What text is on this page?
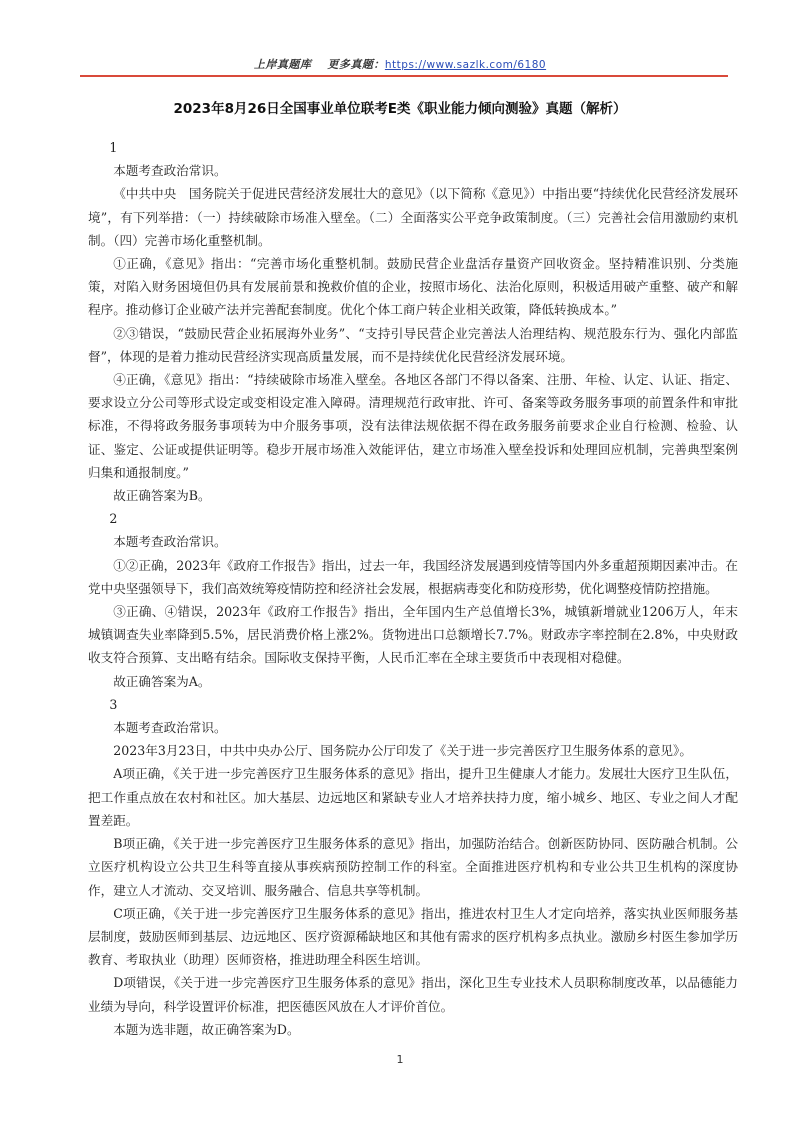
上岸真题库 更多真题：https://www.sazlk.com/6180
2023年8月26日全国事业单位联考E类《职业能力倾向测验》真题（解析）

1

本题考查政治常识。

《中共中央　国务院关于促进民营经济发展壮大的意见》（以下简称《意见》）中指出要“持续优化民营经济发展环境”，有下列举措：（一）持续破除市场准入壁垒。（二）全面落实公平竞争政策制度。（三）完善社会信用激励约束机制。（四）完善市场化重整机制。

①正确，《意见》指出：“完善市场化重整机制。鼓励民营企业盘活存量资产回收资金。坚持精准识别、分类施策，对陷入财务困境但仍具有发展前景和挽救价值的企业，按照市场化、法治化原则，积极适用破产重整、破产和解程序。推动修订企业破产法并完善配套制度。优化个体工商户转企业相关政策，降低转换成本。”

②③错误，“鼓励民营企业拓展海外业务”、“支持引导民营企业完善法人治理结构、规范股东行为、强化内部监督”，体现的是着力推动民营经济实现高质量发展，而不是持续优化民营经济发展环境。

④正确，《意见》指出：“持续破除市场准入壁垒。各地区各部门不得以备案、注册、年检、认定、认证、指定、要求设立分公司等形式设定或变相设定准入障碍。清理规范行政审批、许可、备案等政务服务事项的前置条件和审批标准，不得将政务服务事项转为中介服务事项，没有法律法规依据不得在政务服务前要求企业自行检测、检验、认证、鉴定、公证或提供证明等。稳步开展市场准入效能评估，建立市场准入壁垒投诉和处理回应机制，完善典型案例归集和通报制度。”

故正确答案为B。

2

本题考查政治常识。

①②正确，2023年《政府工作报告》指出，过去一年，我国经济发展遇到疫情等国内外多重超预期因素冲击。在党中央坚强领导下，我们高效统筹疫情防控和经济社会发展，根据病毒变化和防疫形势，优化调整疫情防控措施。

③正确、④错误，2023年《政府工作报告》指出，全年国内生产总值增长3%，城镇新增就业1206万人，年末城镇调查失业率降到5.5%，居民消费价格上涨2%。货物进出口总额增长7.7%。财政赤字率控制在2.8%，中央财政收支符合预算、支出略有结余。国际收支保持平衡，人民币汇率在全球主要货币中表现相对稳健。

故正确答案为A。

3

本题考查政治常识。

2023年3月23日，中共中央办公厅、国务院办公厅印发了《关于进一步完善医疗卫生服务体系的意见》。

A项正确，《关于进一步完善医疗卫生服务体系的意见》指出，提升卫生健康人才能力。发展壮大医疗卫生队伍，把工作重点放在农村和社区。加大基层、边远地区和紧缺专业人才培养扶持力度，缩小城乡、地区、专业之间人才配置差距。

B项正确，《关于进一步完善医疗卫生服务体系的意见》指出，加强防治结合。创新医防协同、医防融合机制。公立医疗机构设立公共卫生科等直接从事疾病预防控制工作的科室。全面推进医疗机构和专业公共卫生机构的深度协作，建立人才流动、交叉培训、服务融合、信息共享等机制。

C项正确，《关于进一步完善医疗卫生服务体系的意见》指出，推进农村卫生人才定向培养，落实执业医师服务基层制度，鼓励医师到基层、边远地区、医疗资源稀缺地区和其他有需求的医疗机构多点执业。激励乡村医生参加学历教育、考取执业（助理）医师资格，推进助理全科医生培训。

D项错误，《关于进一步完善医疗卫生服务体系的意见》指出，深化卫生专业技术人员职称制度改革，以品德能力业绩为导向，科学设置评价标准，把医德医风放在人才评价首位。

本题为选非题，故正确答案为D。

1
